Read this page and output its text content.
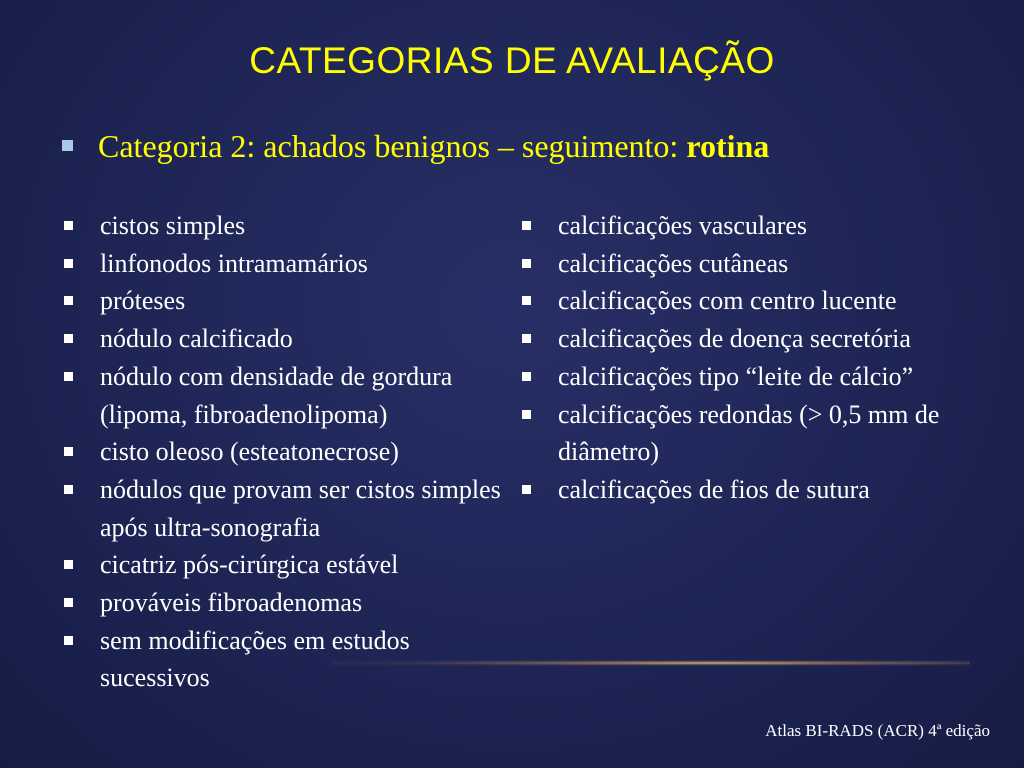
CATEGORIAS DE AVALIAÇÃO
Categoria 2: achados benignos – seguimento: rotina
cistos simples
linfonodos intramamários
próteses
nódulo calcificado
nódulo com densidade de gordura (lipoma, fibroadenolipoma)
cisto oleoso (esteatonecrose)
nódulos que provam ser cistos simples após ultra-sonografia
cicatriz pós-cirúrgica estável
prováveis fibroadenomas
sem modificações em estudos sucessivos
calcificações vasculares
calcificações cutâneas
calcificações com centro lucente
calcificações de doença secretória
calcificações tipo “leite de cálcio”
calcificações redondas (> 0,5 mm de diâmetro)
calcificações de fios de sutura
Atlas BI-RADS (ACR) 4ª edição
